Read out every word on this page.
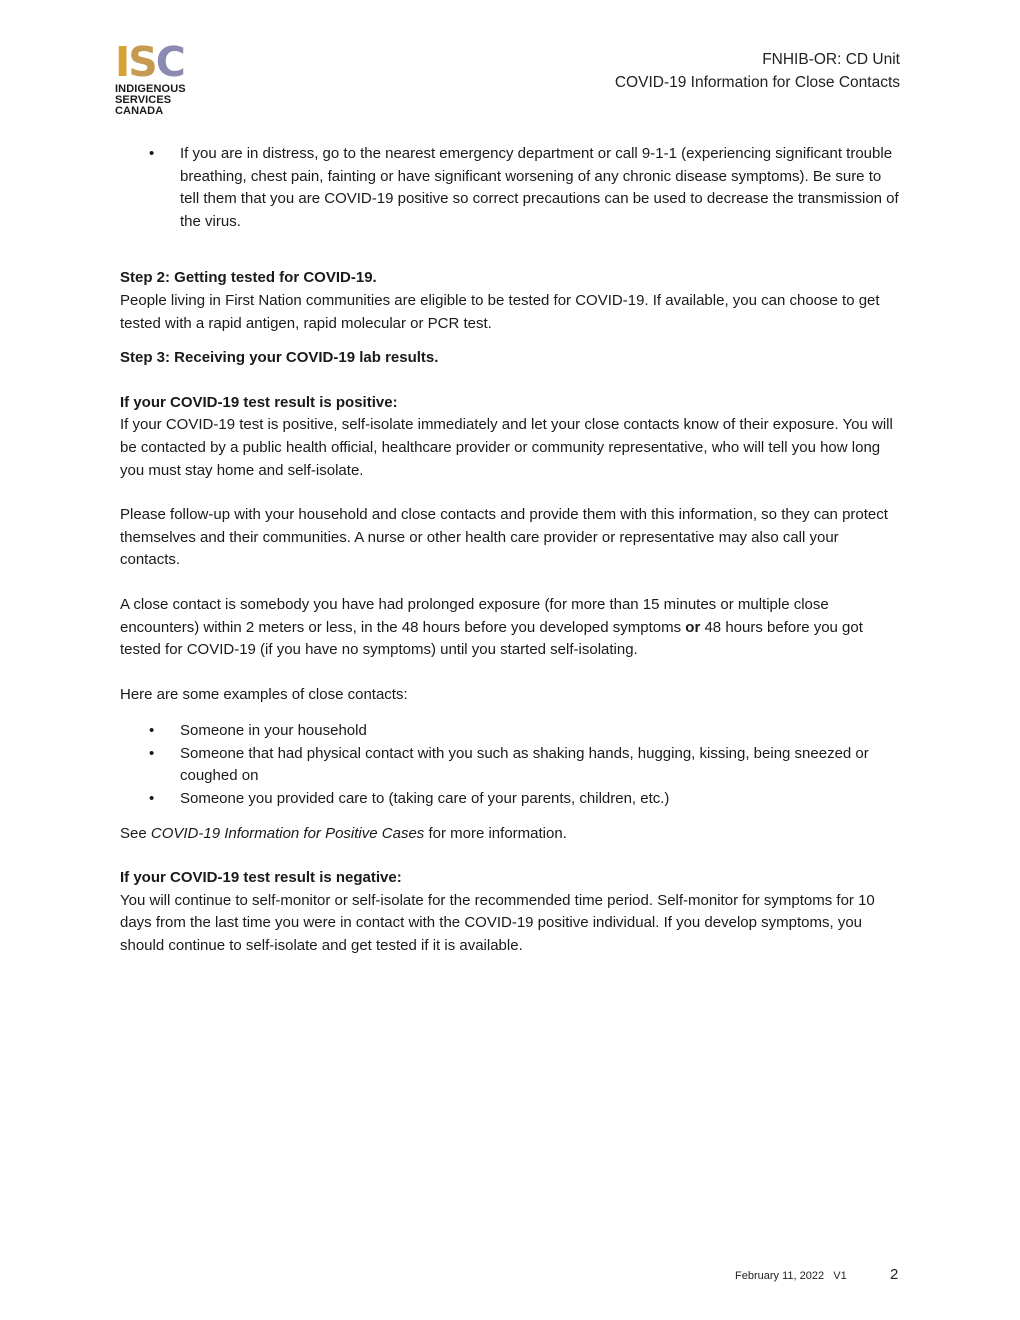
ISC
INDIGENOUS
SERVICES
CANADA
FNHIB-OR: CD Unit
COVID-19 Information for Close Contacts
• If you are in distress, go to the nearest emergency department or call 9-1-1 (experiencing significant trouble breathing, chest pain, fainting or have significant worsening of any chronic disease symptoms). Be sure to tell them that you are COVID-19 positive so correct precautions can be used to decrease the transmission of the virus.

Step 2: Getting tested for COVID-19.

People living in First Nation communities are eligible to be tested for COVID-19. If available, you can choose to get tested with a rapid antigen, rapid molecular or PCR test.

Step 3: Receiving your COVID-19 lab results.

If your COVID-19 test result is positive:

If your COVID-19 test is positive, self-isolate immediately and let your close contacts know of their exposure. You will be contacted by a public health official, healthcare provider or community representative, who will tell you how long you must stay home and self-isolate.

Please follow-up with your household and close contacts and provide them with this information, so they can protect themselves and their communities. A nurse or other health care provider or representative may also call your contacts.

A close contact is somebody you have had prolonged exposure (for more than 15 minutes or multiple close encounters) within 2 meters or less, in the 48 hours before you developed symptoms or 48 hours before you got tested for COVID-19 (if you have no symptoms) until you started self-isolating.

Here are some examples of close contacts:

• Someone in your household
• Someone that had physical contact with you such as shaking hands, hugging, kissing, being sneezed or coughed on
• Someone you provided care to (taking care of your parents, children, etc.)

See COVID-19 Information for Positive Cases for more information.

If your COVID-19 test result is negative:

You will continue to self-monitor or self-isolate for the recommended time period. Self-monitor for symptoms for 10 days from the last time you were in contact with the COVID-19 positive individual. If you develop symptoms, you should continue to self-isolate and get tested if it is available.

February 11, 2022 V1	2
